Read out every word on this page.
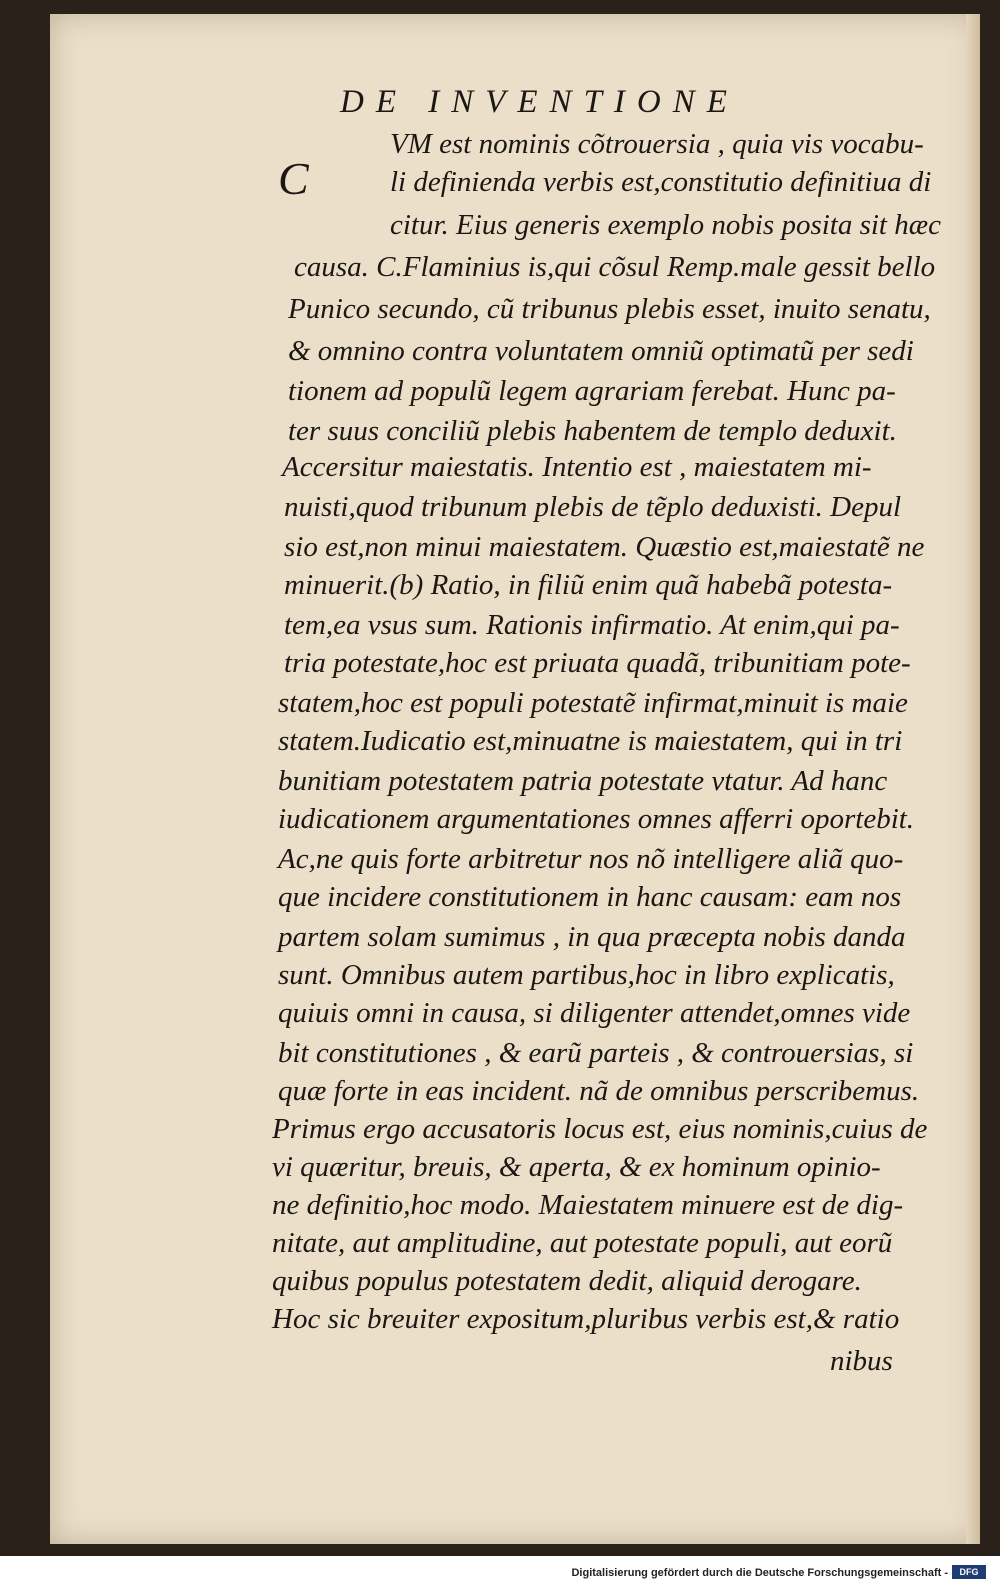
DE INVENTIONE
C
VM est nominis cõtrouersia , quia vis vocabu-
li definienda verbis est,constitutio definitiua di
citur. Eius generis exemplo nobis posita sit hæc
causa. C.Flaminius is,qui cõsul Remp.male gessit bello
Punico secundo, cũ tribunus plebis esset, inuito senatu,
& omnino contra voluntatem omniũ optimatũ per sedi
tionem ad populũ legem agrariam ferebat. Hunc pa-
ter suus conciliũ plebis habentem de templo deduxit.
Accersitur maiestatis. Intentio est , maiestatem mi-
nuisti,quod tribunum plebis de tẽplo deduxisti. Depul
sio est,non minui maiestatem. Quæstio est,maiestatẽ ne
minuerit.(b) Ratio, in filiũ enim quã habebã potesta-
tem,ea vsus sum. Rationis infirmatio. At enim,qui pa-
tria potestate,hoc est priuata quadã, tribunitiam pote-
statem,hoc est populi potestatẽ infirmat,minuit is maie
statem.Iudicatio est,minuatne is maiestatem, qui in tri
bunitiam potestatem patria potestate vtatur. Ad hanc
iudicationem argumentationes omnes afferri oportebit.
Ac,ne quis forte arbitretur nos nõ intelligere aliã quo-
que incidere constitutionem in hanc causam: eam nos
partem solam sumimus , in qua præcepta nobis danda
sunt. Omnibus autem partibus,hoc in libro explicatis,
quiuis omni in causa, si diligenter attendet,omnes vide
bit constitutiones , & earũ parteis , & controuersias, si
quæ forte in eas incident. nã de omnibus perscribemus.
Primus ergo accusatoris locus est, eius nominis,cuius de
vi quæritur, breuis, & aperta, & ex hominum opinio-
ne definitio,hoc modo. Maiestatem minuere est de dig-
nitate, aut amplitudine, aut potestate populi, aut eorũ
quibus populus potestatem dedit, aliquid derogare.
Hoc sic breuiter expositum,pluribus verbis est,& ratio
nibus
Digitalisierung gefördert durch die Deutsche Forschungsgemeinschaft -	DFG
